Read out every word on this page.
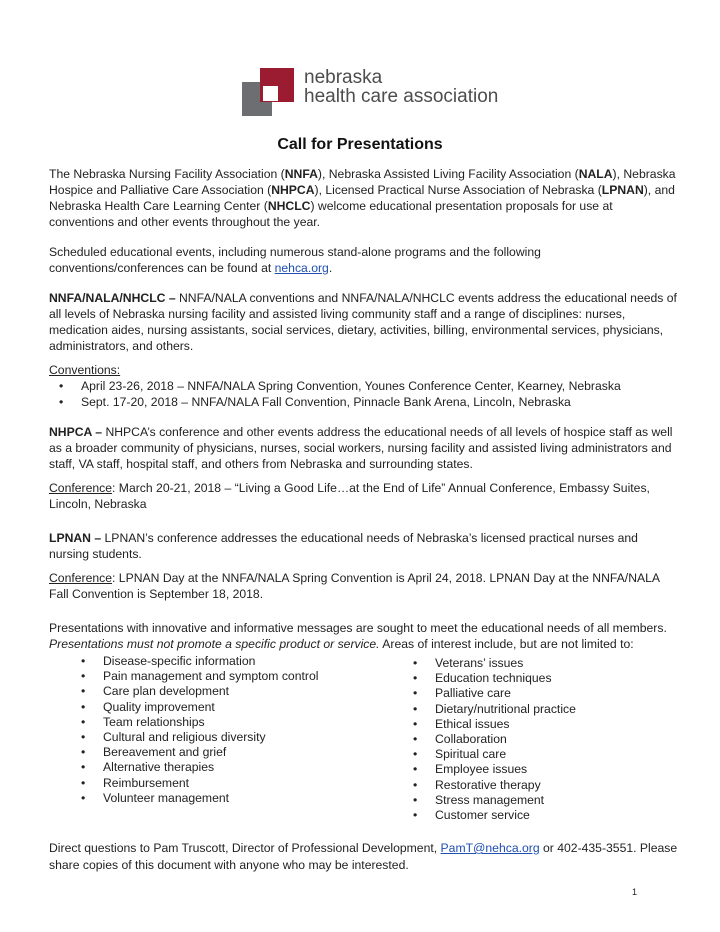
nebraska
health care association
Call for Presentations

The Nebraska Nursing Facility Association (NNFA), Nebraska Assisted Living Facility Association (NALA), Nebraska Hospice and Palliative Care Association (NHPCA), Licensed Practical Nurse Association of Nebraska (LPNAN), and Nebraska Health Care Learning Center (NHCLC) welcome educational presentation proposals for use at conventions and other events throughout the year.

Scheduled educational events, including numerous stand-alone programs and the following conventions/conferences can be found at nehca.org.

NNFA/NALA/NHCLC – NNFA/NALA conventions and NNFA/NALA/NHCLC events address the educational needs of all levels of Nebraska nursing facility and assisted living community staff and a range of disciplines: nurses, medication aides, nursing assistants, social services, dietary, activities, billing, environmental services, physicians, administrators, and others.

Conventions:

• April 23-26, 2018 – NNFA/NALA Spring Convention, Younes Conference Center, Kearney, Nebraska
• Sept. 17-20, 2018 – NNFA/NALA Fall Convention, Pinnacle Bank Arena, Lincoln, Nebraska

NHPCA – NHPCA’s conference and other events address the educational needs of all levels of hospice staff as well as a broader community of physicians, nurses, social workers, nursing facility and assisted living administrators and staff, VA staff, hospital staff, and others from Nebraska and surrounding states.

Conference: March 20-21, 2018 – “Living a Good Life…at the End of Life” Annual Conference, Embassy Suites, Lincoln, Nebraska

LPNAN – LPNAN’s conference addresses the educational needs of Nebraska’s licensed practical nurses and nursing students.

Conference: LPNAN Day at the NNFA/NALA Spring Convention is April 24, 2018. LPNAN Day at the NNFA/NALA Fall Convention is September 18, 2018.

Presentations with innovative and informative messages are sought to meet the educational needs of all members. Presentations must not promote a specific product or service. Areas of interest include, but are not limited to:

• Disease-specific information
• Pain management and symptom control
• Care plan development
• Quality improvement
• Team relationships
• Cultural and religious diversity
• Bereavement and grief
• Alternative therapies
• Reimbursement
• Volunteer management
• Veterans’ issues
• Education techniques
• Palliative care
• Dietary/nutritional practice
• Ethical issues
• Collaboration
• Spiritual care
• Employee issues
• Restorative therapy
• Stress management
• Customer service
Direct questions to Pam Truscott, Director of Professional Development, PamT@nehca.org or 402-435-3551. Please share copies of this document with anyone who may be interested.
1
